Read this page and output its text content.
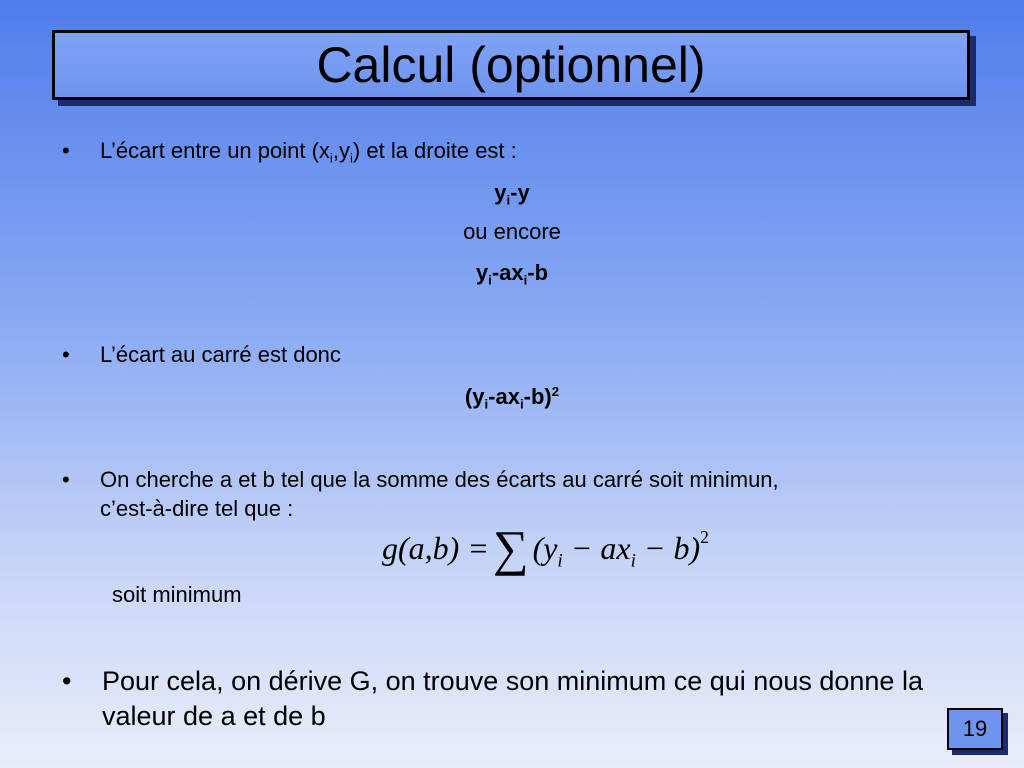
Calcul (optionnel)
• L’écart entre un point $(x_i,y_i)$ et la droite est :
$y_i-y$
ou encore
$y_i-ax_i-b$
• L’écart au carré est donc
$(y_i-ax_i-b)^2$
• On cherche a et b tel que la somme des écarts au carré soit minimun,
c’est-à-dire tel que :
g(a,b) = ∑ $(y_i - ax_i - b)^2$
soit minimum
• Pour cela, on dérive G, on trouve son minimum ce qui nous donne la valeur de a et de b	19
